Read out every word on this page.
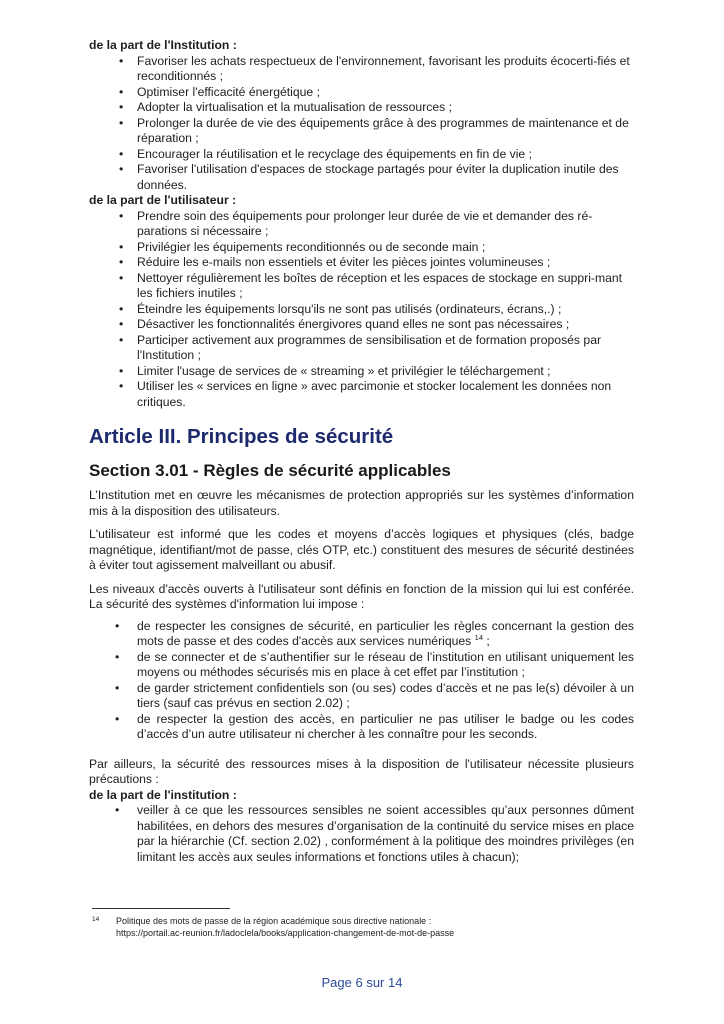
de la part de l'Institution :

• Favoriser les achats respectueux de l'environnement, favorisant les produits écocerti-fiés et reconditionnés ;
• Optimiser l'efficacité énergétique ;
• Adopter la virtualisation et la mutualisation de ressources ;
• Prolonger la durée de vie des équipements grâce à des programmes de maintenance et de réparation ;
• Encourager la réutilisation et le recyclage des équipements en fin de vie ;
• Favoriser l'utilisation d'espaces de stockage partagés pour éviter la duplication inutile des données.

de la part de l'utilisateur :

• Prendre soin des équipements pour prolonger leur durée de vie et demander des ré-parations si nécessaire ;
• Privilégier les équipements reconditionnés ou de seconde main ;
• Réduire les e-mails non essentiels et éviter les pièces jointes volumineuses ;
• Nettoyer régulièrement les boîtes de réception et les espaces de stockage en suppri-mant les fichiers inutiles ;
• Éteindre les équipements lorsqu'ils ne sont pas utilisés (ordinateurs, écrans,.) ;
• Désactiver les fonctionnalités énergivores quand elles ne sont pas nécessaires ;
• Participer activement aux programmes de sensibilisation et de formation proposés par l'Institution ;
• Limiter l'usage de services de « streaming » et privilégier le téléchargement ;
• Utiliser les « services en ligne » avec parcimonie et stocker localement les données non critiques.
Article III. Principes de sécurité
Section 3.01 - Règles de sécurité applicables

L’Institution met en œuvre les mécanismes de protection appropriés sur les systèmes d’information mis à la disposition des utilisateurs.

L'utilisateur est informé que les codes et moyens d’accès logiques et physiques (clés, badge magnétique, identifiant/mot de passe, clés OTP, etc.) constituent des mesures de sécurité destinées à éviter tout agissement malveillant ou abusif.

Les niveaux d'accès ouverts à l'utilisateur sont définis en fonction de la mission qui lui est conférée. La sécurité des systèmes d'information lui impose :

• de respecter les consignes de sécurité, en particulier les règles concernant la gestion des mots de passe et des codes d'accès aux services numériques $^{14}$ ;
• de se connecter et de s’authentifier sur le réseau de l’institution en utilisant uniquement les moyens ou méthodes sécurisés mis en place à cet effet par l’institution ;
• de garder strictement confidentiels son (ou ses) codes d’accès et ne pas le(s) dévoiler à un tiers (sauf cas prévus en section 2.02) ;
• de respecter la gestion des accès, en particulier ne pas utiliser le badge ou les codes d’accès d’un autre utilisateur ni chercher à les connaître pour les seconds.

Par ailleurs, la sécurité des ressources mises à la disposition de l'utilisateur nécessite plusieurs précautions :

de la part de l'institution :

• veiller à ce que les ressources sensibles ne soient accessibles qu’aux personnes dûment habilitées, en dehors des mesures d’organisation de la continuité du service mises en place par la hiérarchie (Cf. section 2.02) , conformément à la politique des moindres privilèges (en limitant les accès aux seules informations et fonctions utiles à chacun);
14	Politique des mots de passe de la région académique sous directive nationale :
https://portail.ac-reunion.fr/ladoclela/books/application-changement-de-mot-de-passe
Page 6 sur 14
